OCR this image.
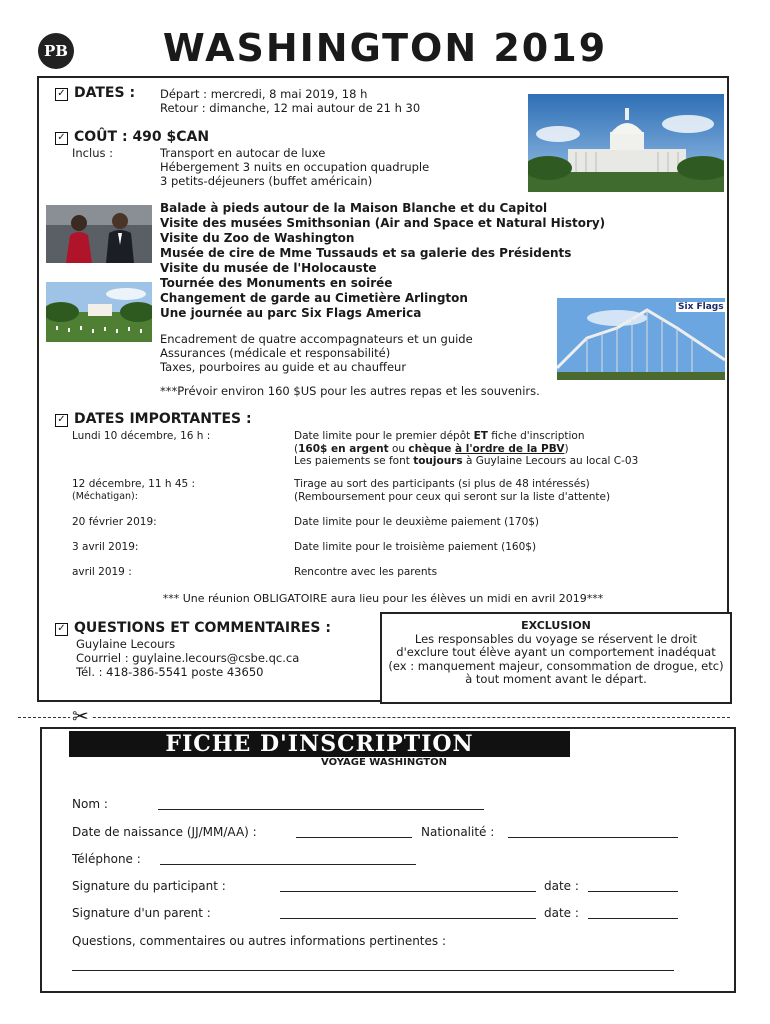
PB	WASHINGTON 2019
✓ DATES : Départ : mercredi, 8 mai 2019, 18 h
Retour : dimanche, 12 mai autour de 21 h 30
✓ COÛT : 490 $CAN
Inclus :	Transport en autocar de luxe
Hébergement 3 nuits en occupation quadruple
3 petits-déjeuners (buffet américain)
Balade à pieds autour de la Maison Blanche et du Capitol
Visite des musées Smithsonian (Air and Space et Natural History)
Visite du Zoo de Washington
Musée de cire de Mme Tussauds et sa galerie des Présidents
Visite du musée de l'Holocauste
Tournée des Monuments en soirée
Changement de garde au Cimetière Arlington
Une journée au parc Six Flags America	Six Flags
Encadrement de quatre accompagnateurs et un guide
Assurances (médicale et responsabilité)
Taxes, pourboires au guide et au chauffeur
***Prévoir environ 160 $US pour les autres repas et les souvenirs.
✓ DATES IMPORTANTES :
Lundi 10 décembre, 16 h :	Date limite pour le premier dépôt ET fiche d'inscription
(160$ en argent ou chèque à l'ordre de la PBV)
Les paiements se font toujours à Guylaine Lecours au local C-03
12 décembre, 11 h 45 :
(Méchatigan):
Tirage au sort des participants (si plus de 48 intéressés)
(Remboursement pour ceux qui seront sur la liste d'attente)
20 février 2019:	Date limite pour le deuxième paiement (170$)
3 avril 2019:	Date limite pour le troisième paiement (160$)
avril 2019 :	Rencontre avec les parents
*** Une réunion OBLIGATOIRE aura lieu pour les élèves un midi en avril 2019***
✓ QUESTIONS ET COMMENTAIRES :
Guylaine Lecours
Courriel : guylaine.lecours@csbe.qc.ca
Tél. : 418-386-5541 poste 43650
EXCLUSION
Les responsables du voyage se réservent le droit d'exclure tout élève ayant un comportement inadéquat (ex : manquement majeur, consommation de drogue, etc) à tout moment avant le départ.
✂
FICHE D'INSCRIPTION
VOYAGE WASHINGTON
Nom :
Date de naissance (JJ/MM/AA) :	Nationalité :
Téléphone :
Signature du participant :	date :
Signature d'un parent :	date :
Questions, commentaires ou autres informations pertinentes :
